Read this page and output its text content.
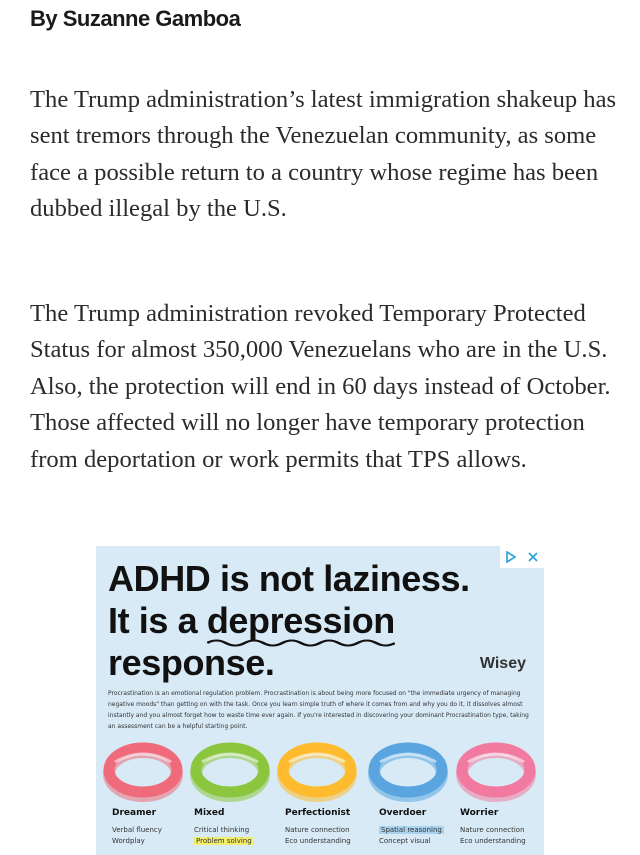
By Suzanne Gamboa

The Trump administration’s latest immigration shakeup has sent tremors through the Venezuelan community, as some face a possible return to a country whose regime has been dubbed illegal by the U.S.

The Trump administration revoked Temporary Protected Status for almost 350,000 Venezuelans who are in the U.S. Also, the protection will end in 60 days instead of October. Those affected will no longer have temporary protection from deportation or work permits that TPS allows.

ADHD is not laziness.
It is a depression
response.	Wisey
Procrastination is an emotional regulation problem. Procrastination is about being more focused on "the immediate urgency of managing negative moods" than getting on with the task. Once you learn simple truth of where it comes from and why you do it, it dissolves almost instantly and you almost forget how to waste time ever again. If you're interested in discovering your dominant Procrastination type, taking an assessment can be a helpful starting point.
Dreamer
Verbal fluency
Wordplay
Mixed
Critical thinking
Problem solving
Perfectionist
Nature connection
Eco understanding
Overdoer
Spatial reasoning
Concept visual
Worrier
Nature connection
Eco understanding
